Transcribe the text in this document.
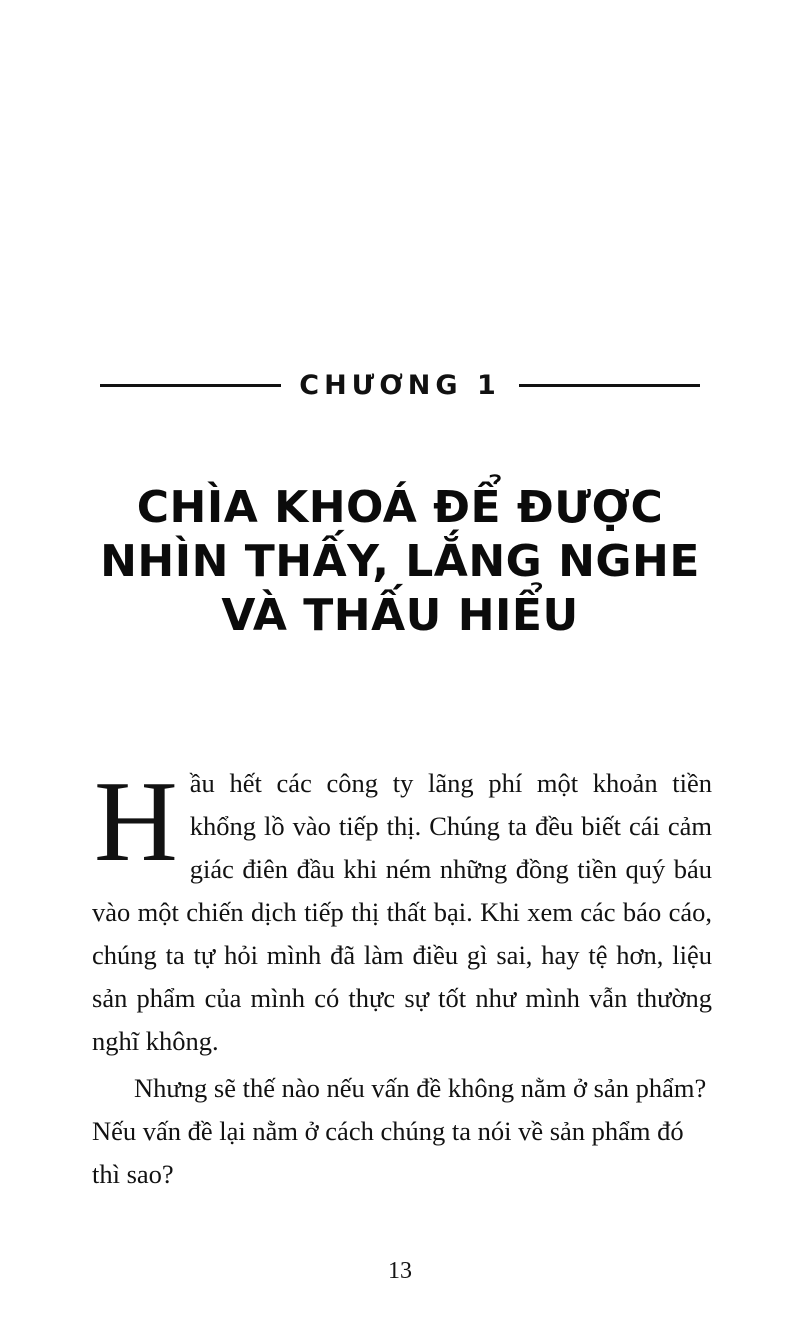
CHƯƠNG 1
CHÌA KHOÁ ĐỂ ĐƯỢC
NHÌN THẤY, LẮNG NGHE
VÀ THẤU HIỂU

Hầu hết các công ty lãng phí một khoản tiền khổng lồ vào tiếp thị. Chúng ta đều biết cái cảm giác điên đầu khi ném những đồng tiền quý báu vào một chiến dịch tiếp thị thất bại. Khi xem các báo cáo, chúng ta tự hỏi mình đã làm điều gì sai, hay tệ hơn, liệu sản phẩm của mình có thực sự tốt như mình vẫn thường nghĩ không.

Nhưng sẽ thế nào nếu vấn đề không nằm ở sản phẩm? Nếu vấn đề lại nằm ở cách chúng ta nói về sản phẩm đó thì sao?

13
